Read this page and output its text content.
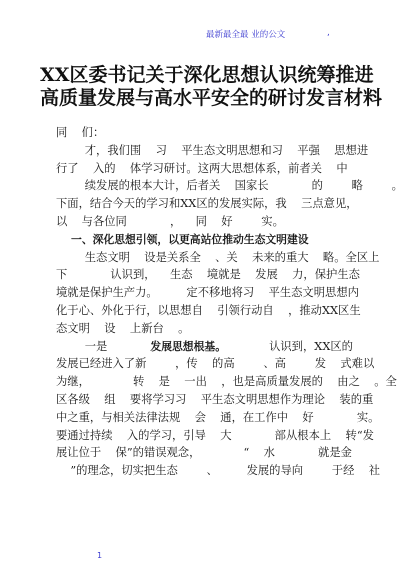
最新最全最 业的公文	,
XX区委书记关于深化思想认识统筹推进
高质量发展与高水平安全的研讨发言材料
同    们：
才，我们围    习    平生态文明思想和习    平强    思想进
行了    入的    体学习研讨。这两大思想体系，前者关    中
续发展的根本大计，后者关    国家长            的        略        。
下面，结合今天的学习和XX区的发展实际，我    三点意见，
以    与各位同            ，    同    好        实。
一、深化思想引领，以更高站位推动生态文明建设
生态文明    设是关系全    、关    未来的重大    略。全区上
下            认识到，    生态    境就是    发展    力，保护生态
境就是保护生产力。        定不移地将习    平生态文明思想内
化于心、外化于行，以思想自    引领行动自    ，推动XX区生
态文明    设    上新台    。
一是            发展思想根基。            认识到，XX区的
发展已经进入了新        ，传    的高        、高        发    式难以
为继，            转    是    一出    ，也是高质量发展的    由之    。全
区各级    组    要将学习习    平生态文明思想作为理论    装的重
中之重，与相关法律法规    会    通，在工作中    好            实。
要通过持续    入的学习，引导    大            部从根本上    转“发
展让位于    保”的错误观念，            “    水            就是金
”的理念，切实把生态        、        发展的导向        于经    社
1
